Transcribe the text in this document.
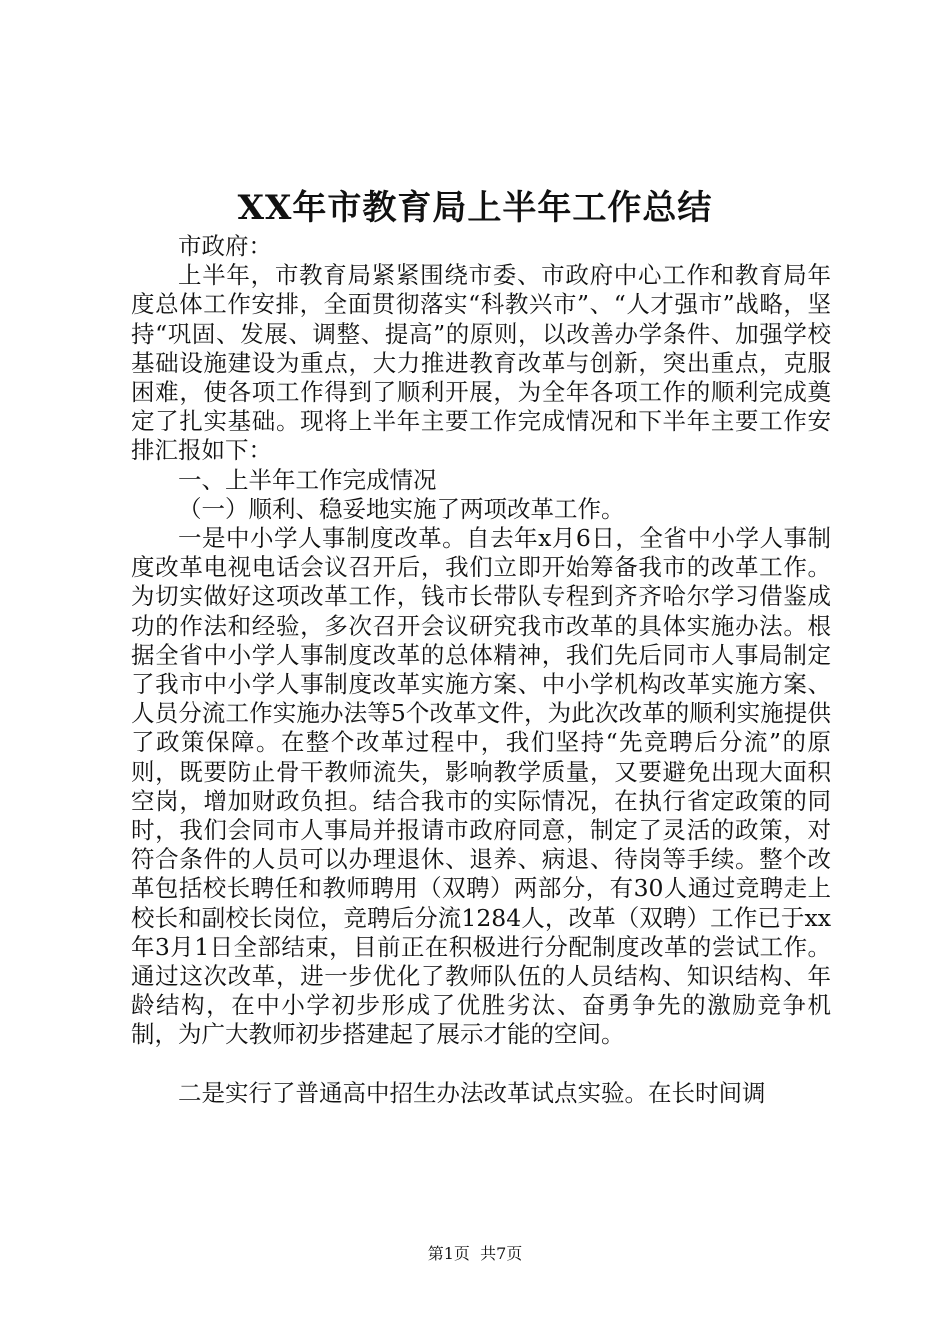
XX年市教育局上半年工作总结

市政府：

上半年，市教育局紧紧围绕市委、市政府中心工作和教育局年度总体工作安排，全面贯彻落实“科教兴市”、“人才强市”战略，坚持“巩固、发展、调整、提高”的原则，以改善办学条件、加强学校基础设施建设为重点，大力推进教育改革与创新，突出重点，克服困难，使各项工作得到了顺利开展，为全年各项工作的顺利完成奠定了扎实基础。现将上半年主要工作完成情况和下半年主要工作安排汇报如下：

一、上半年工作完成情况

（一）顺利、稳妥地实施了两项改革工作。

一是中小学人事制度改革。自去年x月6日，全省中小学人事制度改革电视电话会议召开后，我们立即开始筹备我市的改革工作。为切实做好这项改革工作，钱市长带队专程到齐齐哈尔学习借鉴成功的作法和经验，多次召开会议研究我市改革的具体实施办法。根据全省中小学人事制度改革的总体精神，我们先后同市人事局制定了我市中小学人事制度改革实施方案、中小学机构改革实施方案、人员分流工作实施办法等5个改革文件，为此次改革的顺利实施提供了政策保障。在整个改革过程中，我们坚持“先竞聘后分流”的原则，既要防止骨干教师流失，影响教学质量，又要避免出现大面积空岗，增加财政负担。结合我市的实际情况，在执行省定政策的同时，我们会同市人事局并报请市政府同意，制定了灵活的政策，对符合条件的人员可以办理退休、退养、病退、待岗等手续。整个改革包括校长聘任和教师聘用（双聘）两部分，有30人通过竞聘走上校长和副校长岗位，竞聘后分流1284人，改革（双聘）工作已于xx年3月1日全部结束，目前正在积极进行分配制度改革的尝试工作。通过这次改革，进一步优化了教师队伍的人员结构、知识结构、年龄结构，在中小学初步形成了优胜劣汰、奋勇争先的激励竞争机制，为广大教师初步搭建起了展示才能的空间。

二是实行了普通高中招生办法改革试点实验。在长时间调

第1页 共7页
